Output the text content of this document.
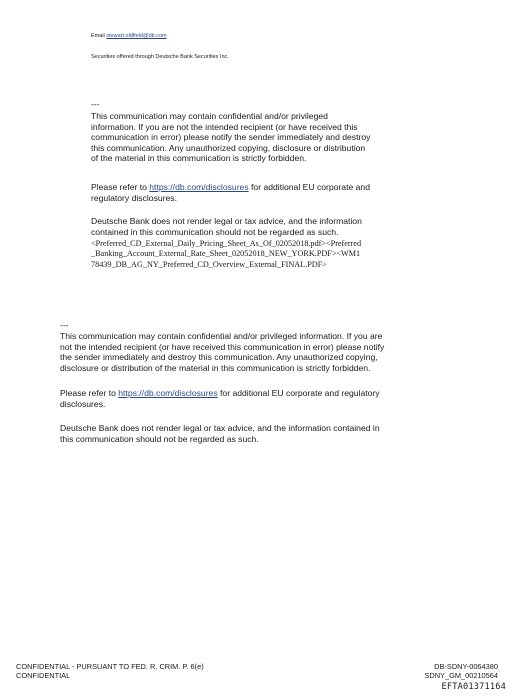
Email stewart.oldfield@db.com
Securities offered through Deutsche Bank Securities Inc.
---
This communication may contain confidential and/or privileged
information. If you are not the intended recipient (or have received this
communication in error) please notify the sender immediately and destroy
this communication. Any unauthorized copying, disclosure or distribution
of the material in this communication is strictly forbidden.
Please refer to https://db.com/disclosures for additional EU corporate and
regulatory disclosures.
Deutsche Bank does not render legal or tax advice, and the information
contained in this communication should not be regarded as such.
<Preferred_CD_External_Daily_Pricing_Sheet_As_Of_02052018.pdf><Preferred
_Banking_Account_External_Rate_Sheet_02052018_NEW_YORK.PDF><WM1
78439_DB_AG_NY_Preferred_CD_Overview_External_FINAL.PDF>
---
This communication may contain confidential and/or privileged information. If you are
not the intended recipient (or have received this communication in error) please notify
the sender immediately and destroy this communication. Any unauthorized copying,
disclosure or distribution of the material in this communication is strictly forbidden.
Please refer to https://db.com/disclosures for additional EU corporate and regulatory
disclosures.
Deutsche Bank does not render legal or tax advice, and the information contained in
this communication should not be regarded as such.
CONFIDENTIAL - PURSUANT TO FED. R. CRIM. P. 6(e)
CONFIDENTIAL
DB-SDNY-0064380
SDNY_GM_00210564
EFTA01371164
